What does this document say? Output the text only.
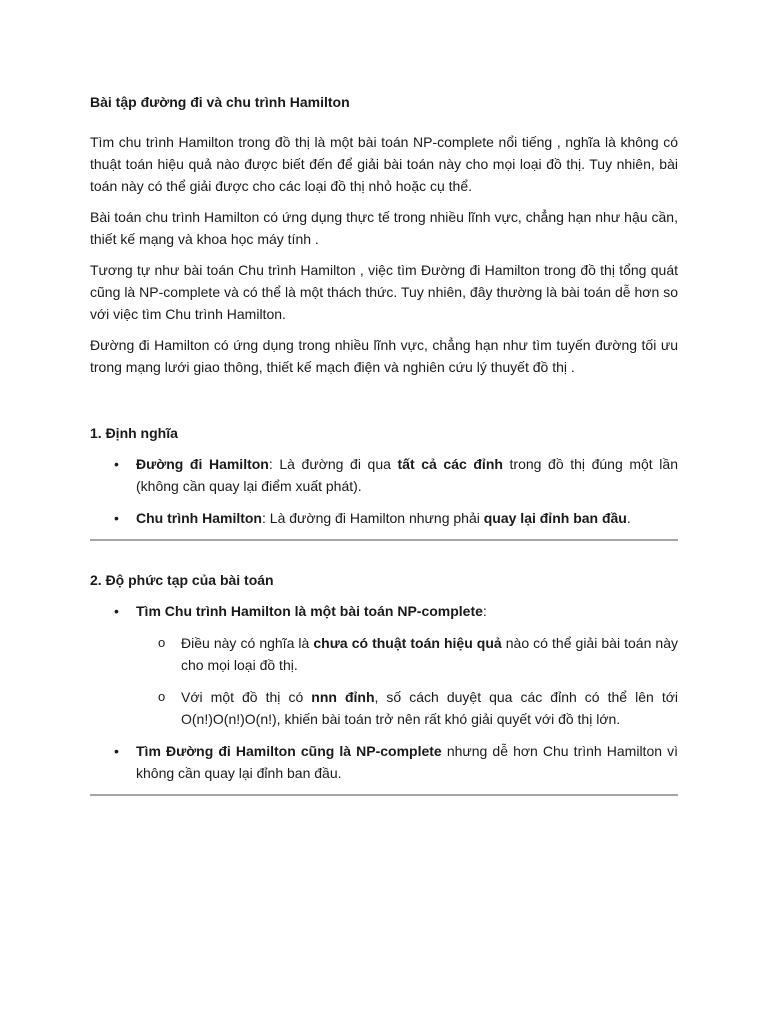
Bài tập đường đi và chu trình Hamilton

Tìm chu trình Hamilton trong đồ thị là một bài toán NP-complete nổi tiếng , nghĩa là không có thuật toán hiệu quả nào được biết đến để giải bài toán này cho mọi loại đồ thị. Tuy nhiên, bài toán này có thể giải được cho các loại đồ thị nhỏ hoặc cụ thể.

Bài toán chu trình Hamilton có ứng dụng thực tế trong nhiều lĩnh vực, chẳng hạn như hậu cần, thiết kế mạng và khoa học máy tính .

Tương tự như bài toán Chu trình Hamilton , việc tìm Đường đi Hamilton trong đồ thị tổng quát cũng là NP-complete và có thể là một thách thức. Tuy nhiên, đây thường là bài toán dễ hơn so với việc tìm Chu trình Hamilton.

Đường đi Hamilton có ứng dụng trong nhiều lĩnh vực, chẳng hạn như tìm tuyến đường tối ưu trong mạng lưới giao thông, thiết kế mạch điện và nghiên cứu lý thuyết đồ thị .

1. Định nghĩa
• Đường đi Hamilton: Là đường đi qua tất cả các đỉnh trong đồ thị đúng một lần (không cần quay lại điểm xuất phát).
• Chu trình Hamilton: Là đường đi Hamilton nhưng phải quay lại đỉnh ban đầu.
2. Độ phức tạp của bài toán
• Tìm Chu trình Hamilton là một bài toán NP-complete:
o Điều này có nghĩa là chưa có thuật toán hiệu quả nào có thể giải bài toán này cho mọi loại đồ thị.
o Với một đồ thị có nnn đỉnh, số cách duyệt qua các đỉnh có thể lên tới O(n!)O(n!)O(n!), khiến bài toán trở nên rất khó giải quyết với đồ thị lớn.
• Tìm Đường đi Hamilton cũng là NP-complete nhưng dễ hơn Chu trình Hamilton vì không cần quay lại đỉnh ban đầu.
